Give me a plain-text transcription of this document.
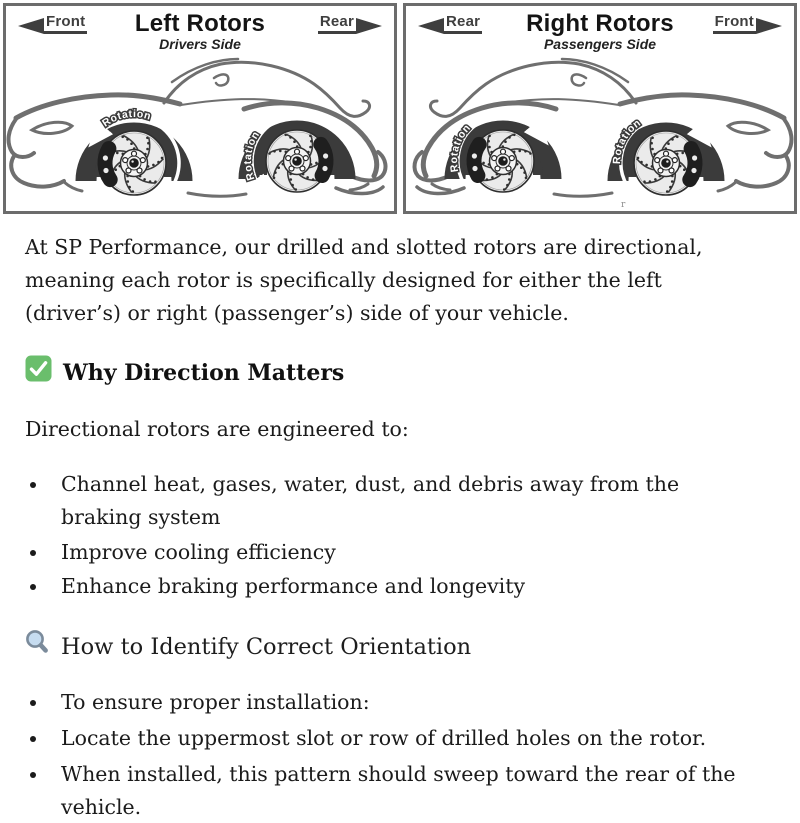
Front	Rear
Left Rotors
Drivers Side
Rotation
Rotation
Rear	Front
Right Rotors
Passengers Side
r
Rotation
Rotation

At SP Performance, our drilled and slotted rotors are directional, meaning each rotor is specifically designed for either the left (driver’s) or right (passenger’s) side of your vehicle.

Why Direction Matters

Directional rotors are engineered to:

• Channel heat, gases, water, dust, and debris away from the braking system
• Improve cooling efficiency
• Enhance braking performance and longevity
How to Identify Correct Orientation
• To ensure proper installation:
• Locate the uppermost slot or row of drilled holes on the rotor.
• When installed, this pattern should sweep toward the rear of the vehicle.
